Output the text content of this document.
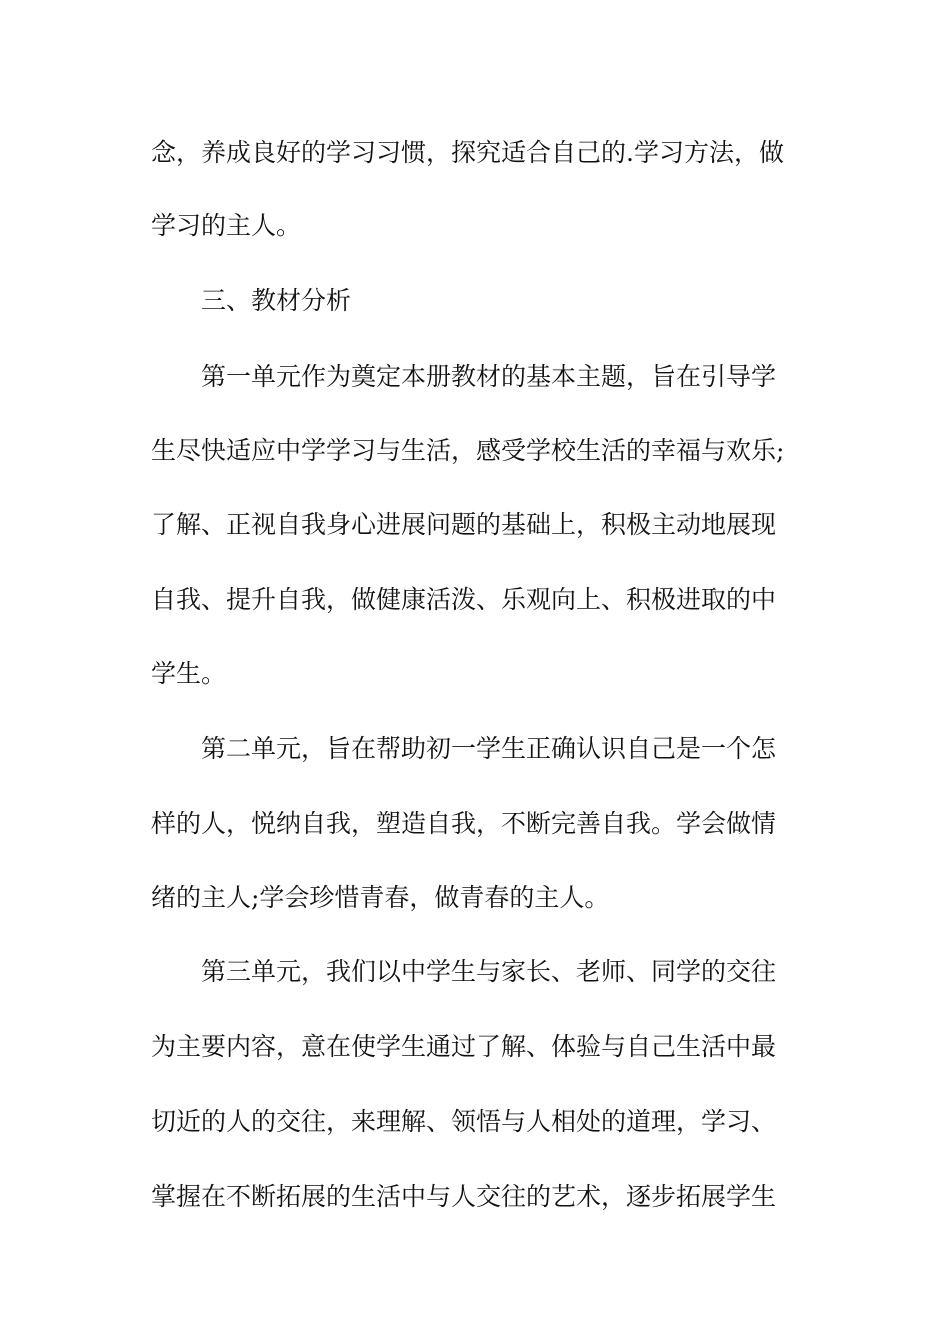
念，养成良好的学习习惯，探究适合自己的.学习方法，做
学习的主人。
三、教材分析
第一单元作为奠定本册教材的基本主题，旨在引导学
生尽快适应中学学习与生活，感受学校生活的幸福与欢乐;
了解、正视自我身心进展问题的基础上，积极主动地展现
自我、提升自我，做健康活泼、乐观向上、积极进取的中
学生。
第二单元，旨在帮助初一学生正确认识自己是一个怎
样的人，悦纳自我，塑造自我，不断完善自我。学会做情
绪的主人;学会珍惜青春，做青春的主人。
第三单元，我们以中学生与家长、老师、同学的交往
为主要内容，意在使学生通过了解、体验与自己生活中最
切近的人的交往，来理解、领悟与人相处的道理，学习、
掌握在不断拓展的生活中与人交往的艺术，逐步拓展学生
